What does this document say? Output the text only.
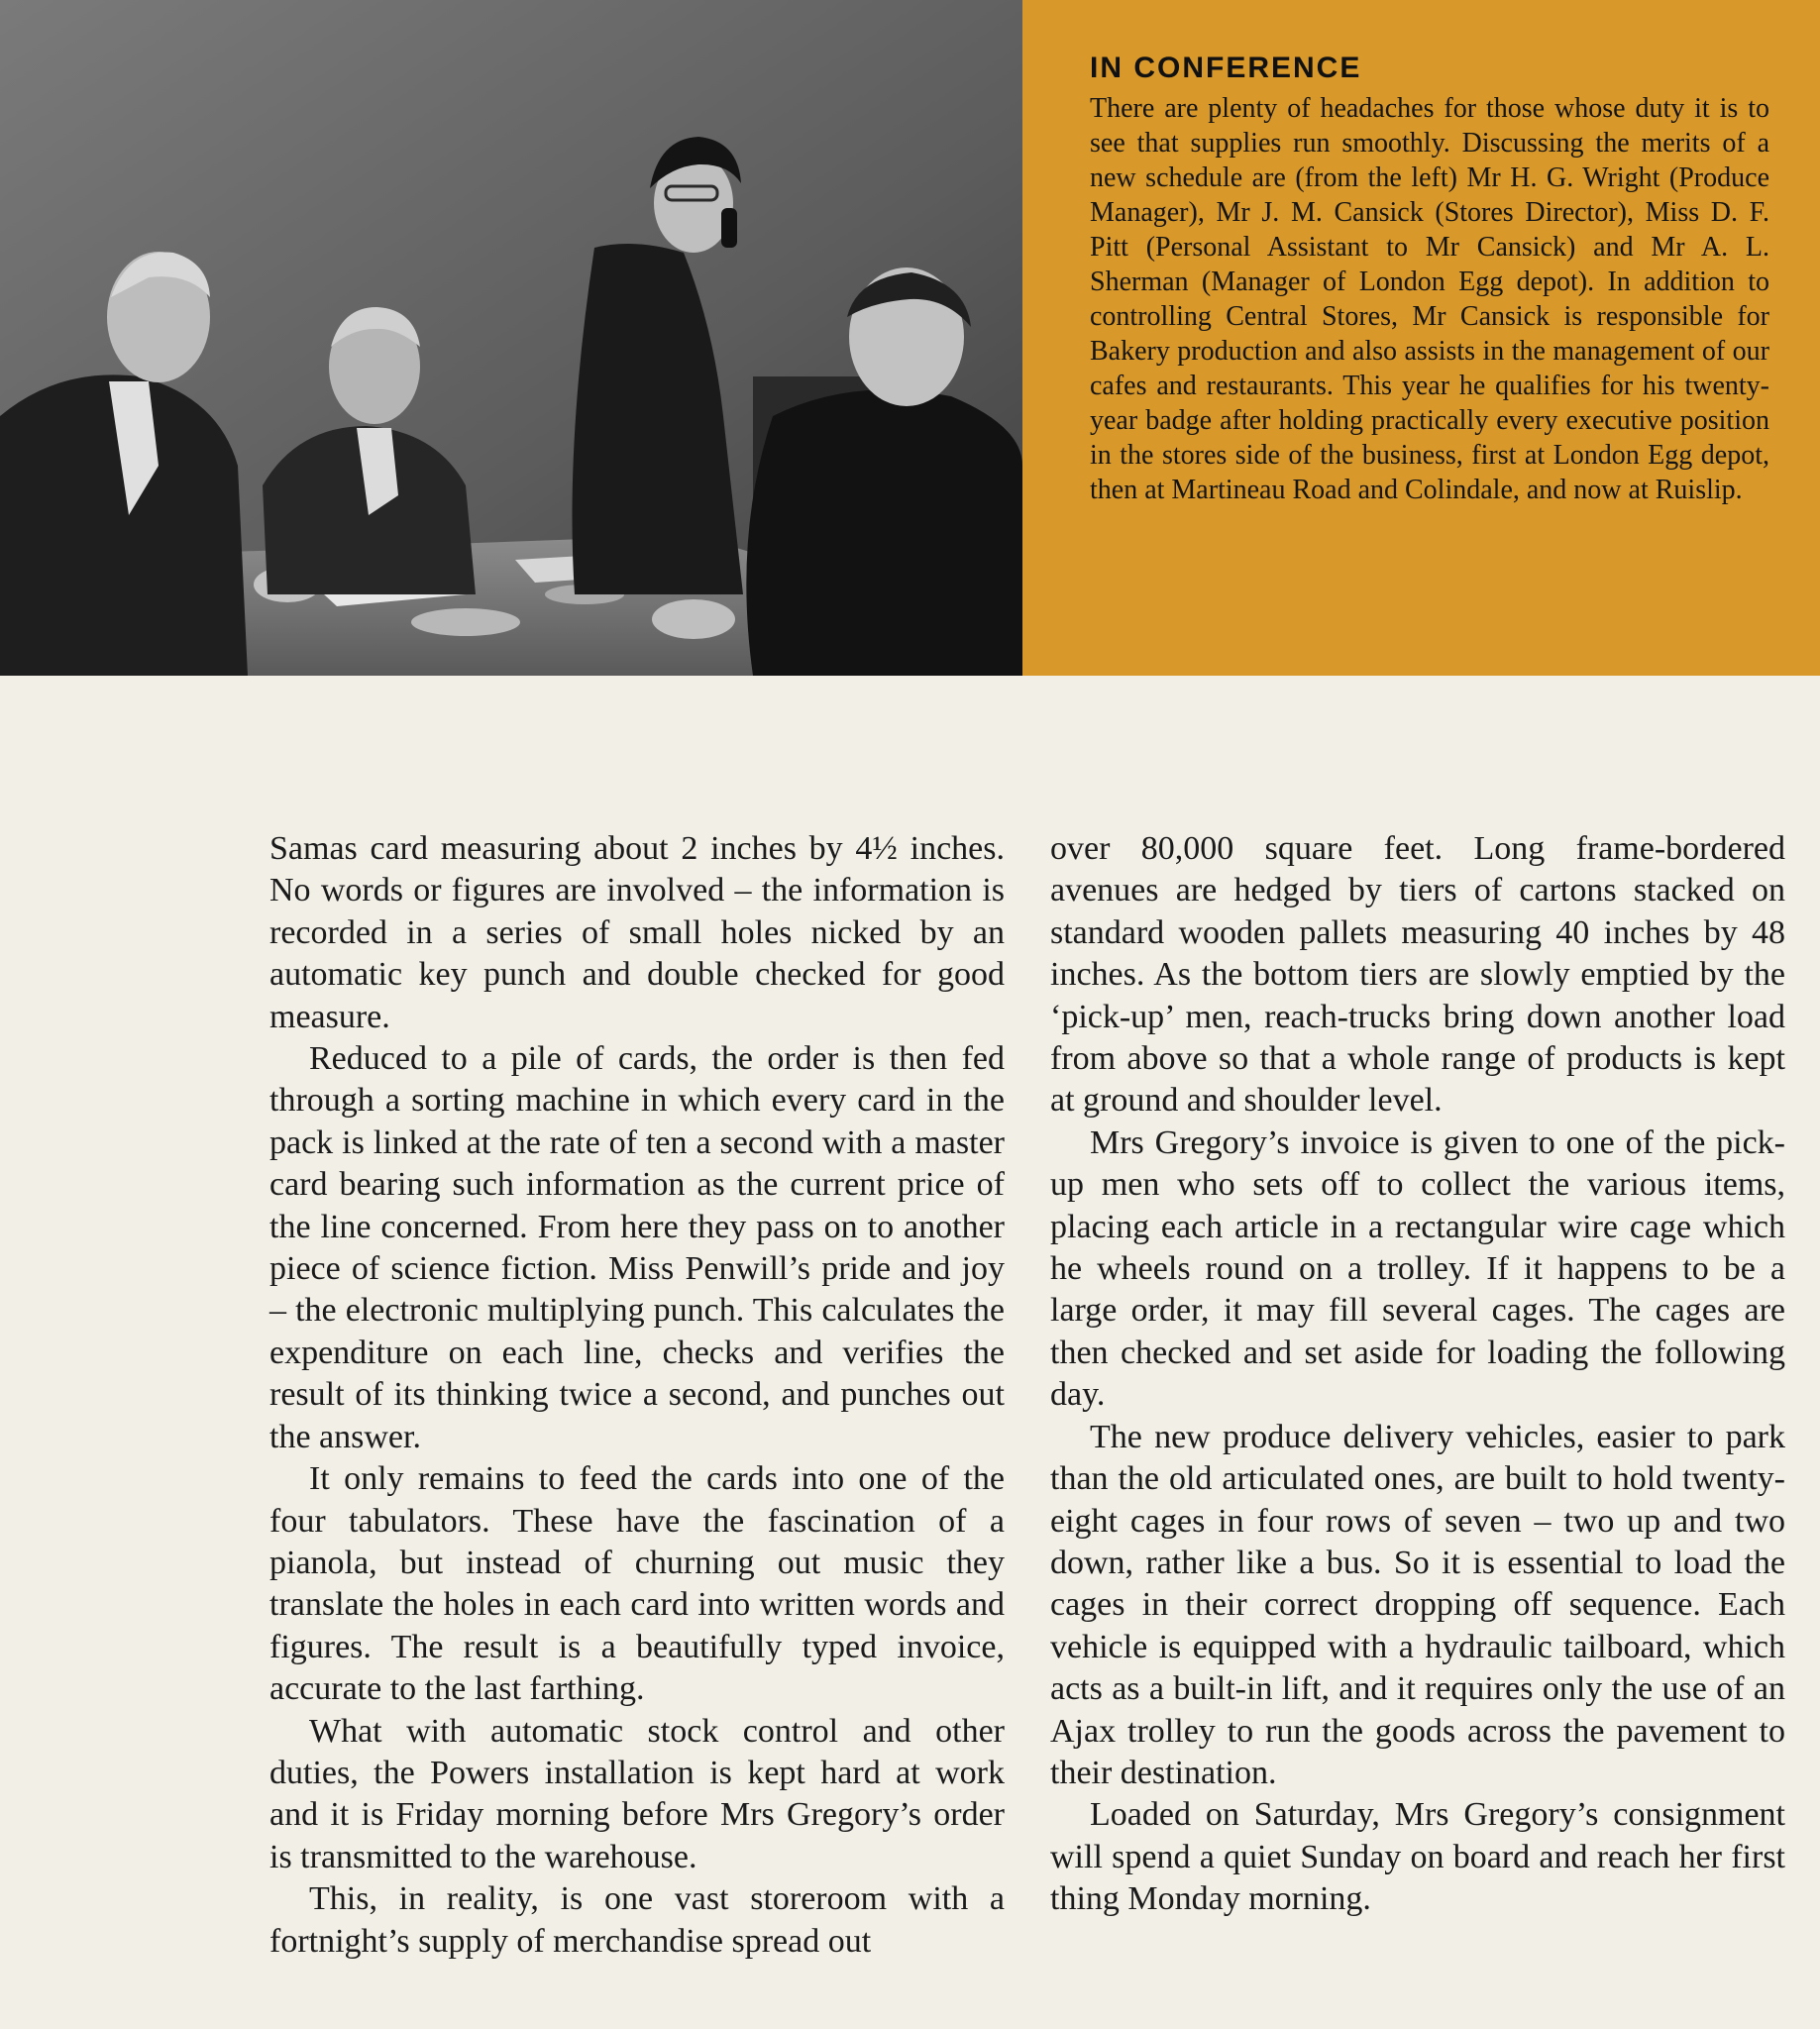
IN CONFERENCE

There are plenty of headaches for those whose duty it is to see that supplies run smoothly. Discussing the merits of a new schedule are (from the left) Mr H. G. Wright (Produce Manager), Mr J. M. Cansick (Stores Director), Miss D. F. Pitt (Personal Assistant to Mr Cansick) and Mr A. L. Sherman (Manager of London Egg depot). In addition to controlling Central Stores, Mr Cansick is responsible for Bakery production and also assists in the management of our cafes and restaurants. This year he qualifies for his twenty-year badge after holding practically every executive position in the stores side of the business, first at London Egg depot, then at Martineau Road and Colindale, and now at Ruislip.

Samas card measuring about 2 inches by 4½ inches. No words or figures are involved – the information is recorded in a series of small holes nicked by an automatic key punch and double checked for good measure.

Reduced to a pile of cards, the order is then fed through a sorting machine in which every card in the pack is linked at the rate of ten a second with a master card bearing such information as the current price of the line concerned. From here they pass on to another piece of science fiction. Miss Penwill’s pride and joy – the electronic multiplying punch. This calculates the expenditure on each line, checks and verifies the result of its thinking twice a second, and punches out the answer.

It only remains to feed the cards into one of the four tabulators. These have the fascination of a pianola, but instead of churning out music they translate the holes in each card into written words and figures. The result is a beautifully typed invoice, accurate to the last farthing.

What with automatic stock control and other duties, the Powers installation is kept hard at work and it is Friday morning before Mrs Gregory’s order is transmitted to the warehouse.

This, in reality, is one vast storeroom with a fortnight’s supply of merchandise spread out

over 80,000 square feet. Long frame-bordered avenues are hedged by tiers of cartons stacked on standard wooden pallets measuring 40 inches by 48 inches. As the bottom tiers are slowly emptied by the ‘pick-up’ men, reach-trucks bring down another load from above so that a whole range of products is kept at ground and shoulder level.

Mrs Gregory’s invoice is given to one of the pick-up men who sets off to collect the various items, placing each article in a rectangular wire cage which he wheels round on a trolley. If it happens to be a large order, it may fill several cages. The cages are then checked and set aside for loading the following day.

The new produce delivery vehicles, easier to park than the old articulated ones, are built to hold twenty-eight cages in four rows of seven – two up and two down, rather like a bus. So it is essential to load the cages in their correct dropping off sequence. Each vehicle is equipped with a hydraulic tailboard, which acts as a built-in lift, and it requires only the use of an Ajax trolley to run the goods across the pavement to their destination.

Loaded on Saturday, Mrs Gregory’s consignment will spend a quiet Sunday on board and reach her first thing Monday morning.
